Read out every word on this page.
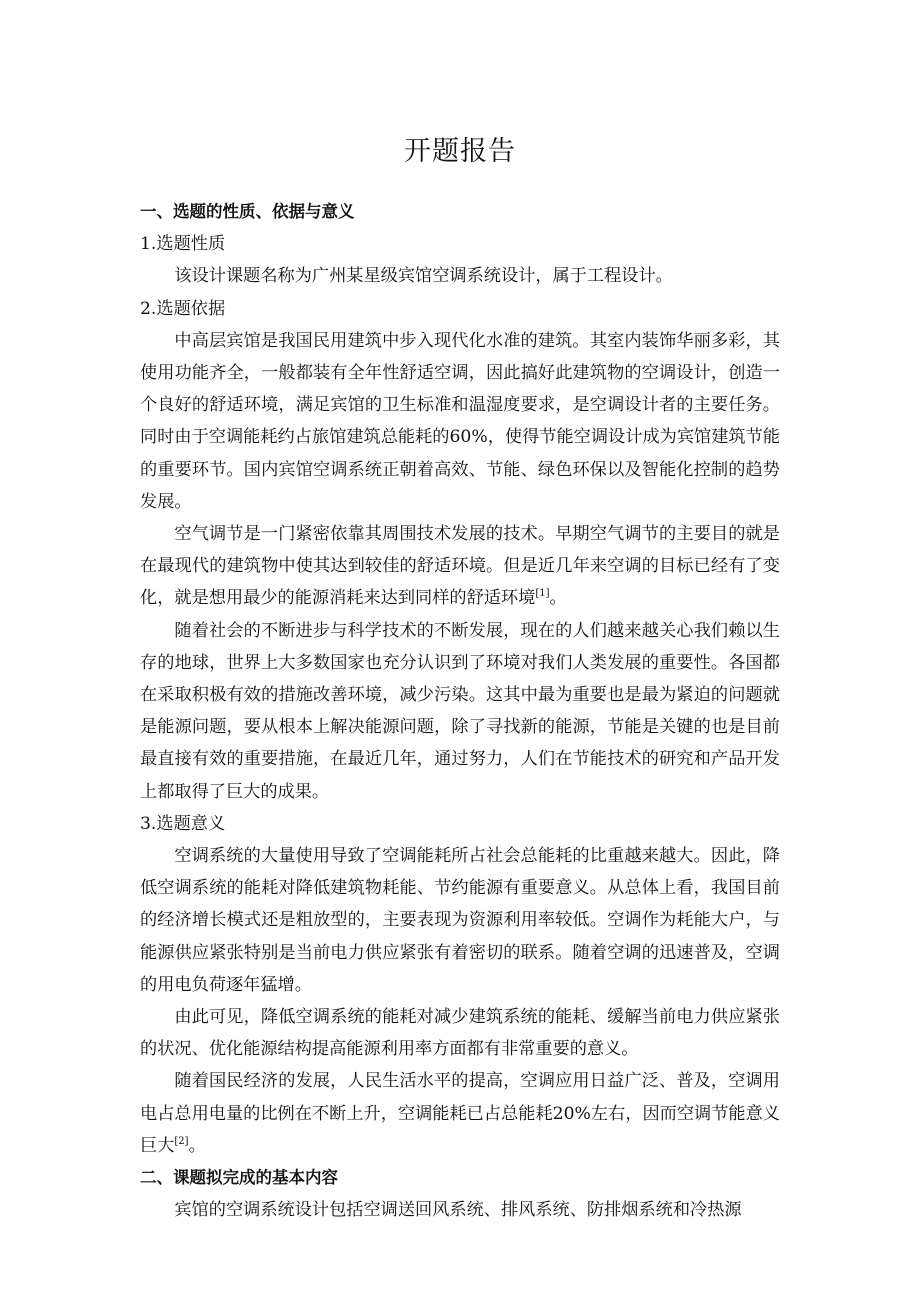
开题报告

一、选题的性质、依据与意义

1.选题性质

该设计课题名称为广州某星级宾馆空调系统设计，属于工程设计。

2.选题依据

中高层宾馆是我国民用建筑中步入现代化水准的建筑。其室内装饰华丽多彩，其使用功能齐全，一般都装有全年性舒适空调，因此搞好此建筑物的空调设计，创造一个良好的舒适环境，满足宾馆的卫生标准和温湿度要求，是空调设计者的主要任务。同时由于空调能耗约占旅馆建筑总能耗的60%，使得节能空调设计成为宾馆建筑节能的重要环节。国内宾馆空调系统正朝着高效、节能、绿色环保以及智能化控制的趋势发展。

空气调节是一门紧密依靠其周围技术发展的技术。早期空气调节的主要目的就是在最现代的建筑物中使其达到较佳的舒适环境。但是近几年来空调的目标已经有了变化，就是想用最少的能源消耗来达到同样的舒适环境[1]。

随着社会的不断进步与科学技术的不断发展，现在的人们越来越关心我们赖以生存的地球，世界上大多数国家也充分认识到了环境对我们人类发展的重要性。各国都在采取积极有效的措施改善环境，减少污染。这其中最为重要也是最为紧迫的问题就是能源问题，要从根本上解决能源问题，除了寻找新的能源，节能是关键的也是目前最直接有效的重要措施，在最近几年，通过努力，人们在节能技术的研究和产品开发上都取得了巨大的成果。

3.选题意义

空调系统的大量使用导致了空调能耗所占社会总能耗的比重越来越大。因此，降低空调系统的能耗对降低建筑物耗能、节约能源有重要意义。从总体上看，我国目前的经济增长模式还是粗放型的，主要表现为资源利用率较低。空调作为耗能大户，与能源供应紧张特别是当前电力供应紧张有着密切的联系。随着空调的迅速普及，空调的用电负荷逐年猛增。

由此可见，降低空调系统的能耗对减少建筑系统的能耗、缓解当前电力供应紧张的状况、优化能源结构提高能源利用率方面都有非常重要的意义。

随着国民经济的发展，人民生活水平的提高，空调应用日益广泛、普及，空调用电占总用电量的比例在不断上升，空调能耗已占总能耗20%左右，因而空调节能意义巨大[2]。

二、课题拟完成的基本内容

宾馆的空调系统设计包括空调送回风系统、排风系统、防排烟系统和冷热源
